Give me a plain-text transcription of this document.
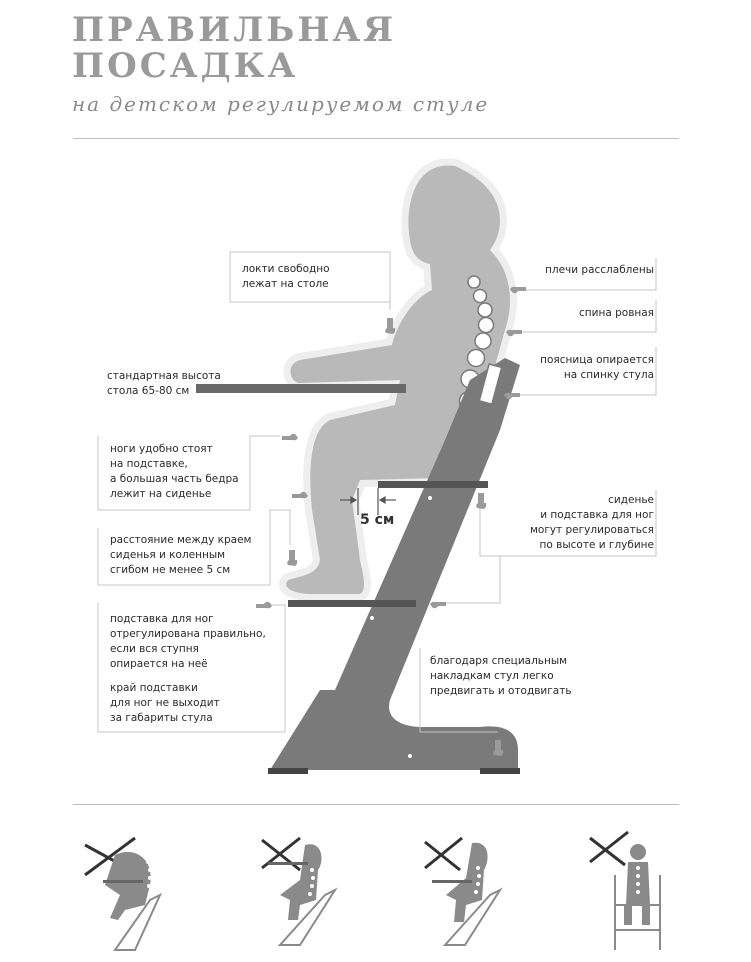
ПРАВИЛЬНАЯ
ПОСАДКА
на детском регулируемом стуле
локти свободно
лежат на столе
стандартная высота
стола 65-80 см
ноги удобно стоят
на подставке,
а большая часть бедра
лежит на сиденье
расстояние между краем
сиденья и коленным
сгибом не менее 5 см
подставка для ног
отрегулирована правильно,
если вся ступня
опирается на неё
край подставки
для ног не выходит
за габариты стула
плечи расслаблены
спина ровная
поясница опирается
на спинку стула
сиденье
и подставка для ног
могут регулироваться
по высоте и глубине
благодаря специальным
накладкам стул легко
предвигать и отодвигать
5 см
